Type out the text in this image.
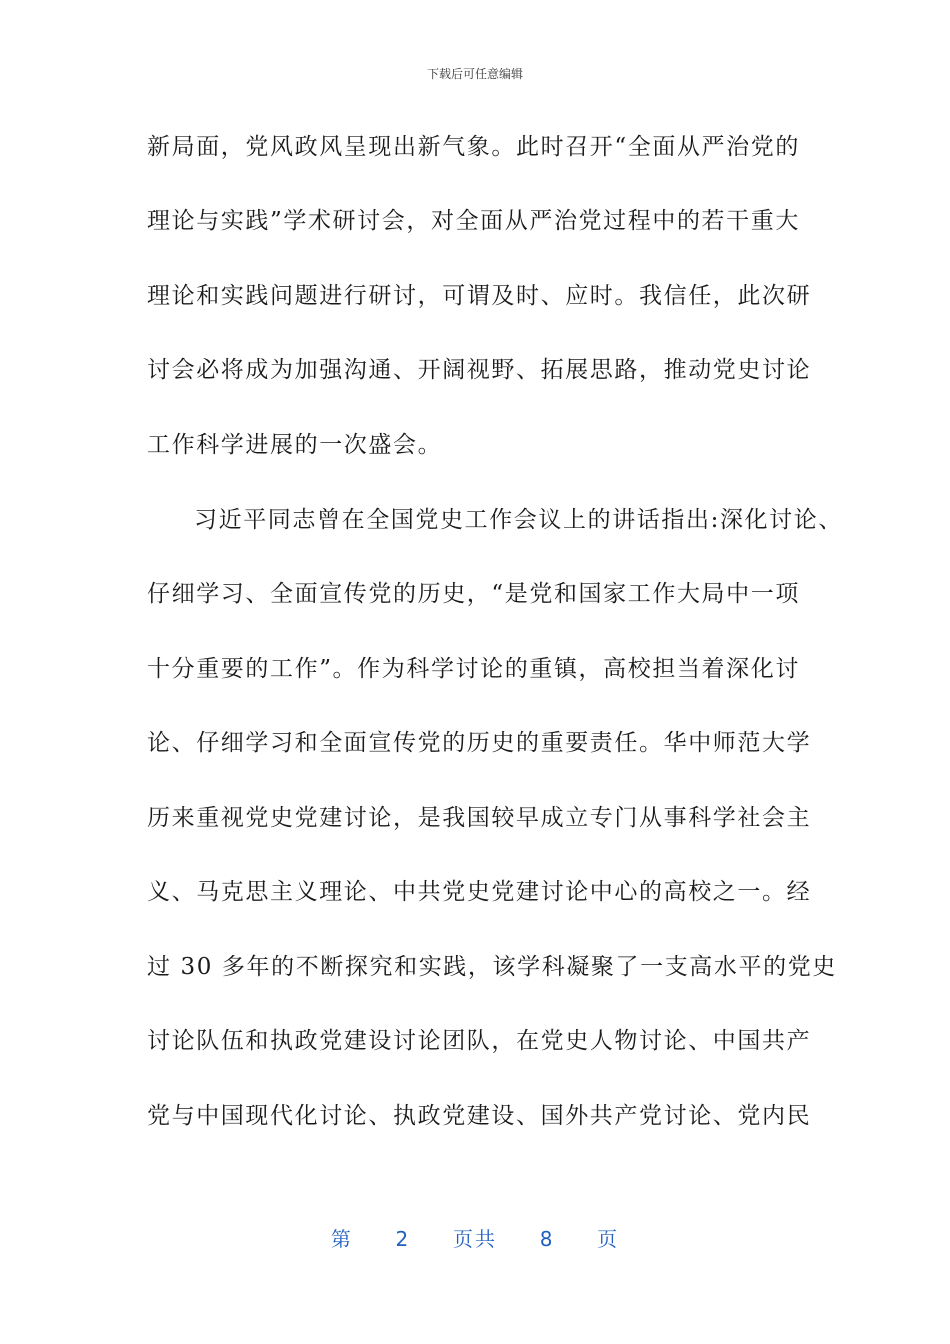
下载后可任意编辑
新局面，党风政风呈现出新气象。此时召开“全面从严治党的
理论与实践”学术研讨会，对全面从严治党过程中的若干重大
理论和实践问题进行研讨，可谓及时、应时。我信任，此次研
讨会必将成为加强沟通、开阔视野、拓展思路，推动党史讨论
工作科学进展的一次盛会。
习近平同志曾在全国党史工作会议上的讲话指出:深化讨论、
仔细学习、全面宣传党的历史，“是党和国家工作大局中一项
十分重要的工作”。作为科学讨论的重镇，高校担当着深化讨
论、仔细学习和全面宣传党的历史的重要责任。华中师范大学
历来重视党史党建讨论，是我国较早成立专门从事科学社会主
义、马克思主义理论、中共党史党建讨论中心的高校之一。经
过 30 多年的不断探究和实践，该学科凝聚了一支高水平的党史
讨论队伍和执政党建设讨论团队，在党史人物讨论、中国共产
党与中国现代化讨论、执政党建设、国外共产党讨论、党内民
第 2 页共 8 页
